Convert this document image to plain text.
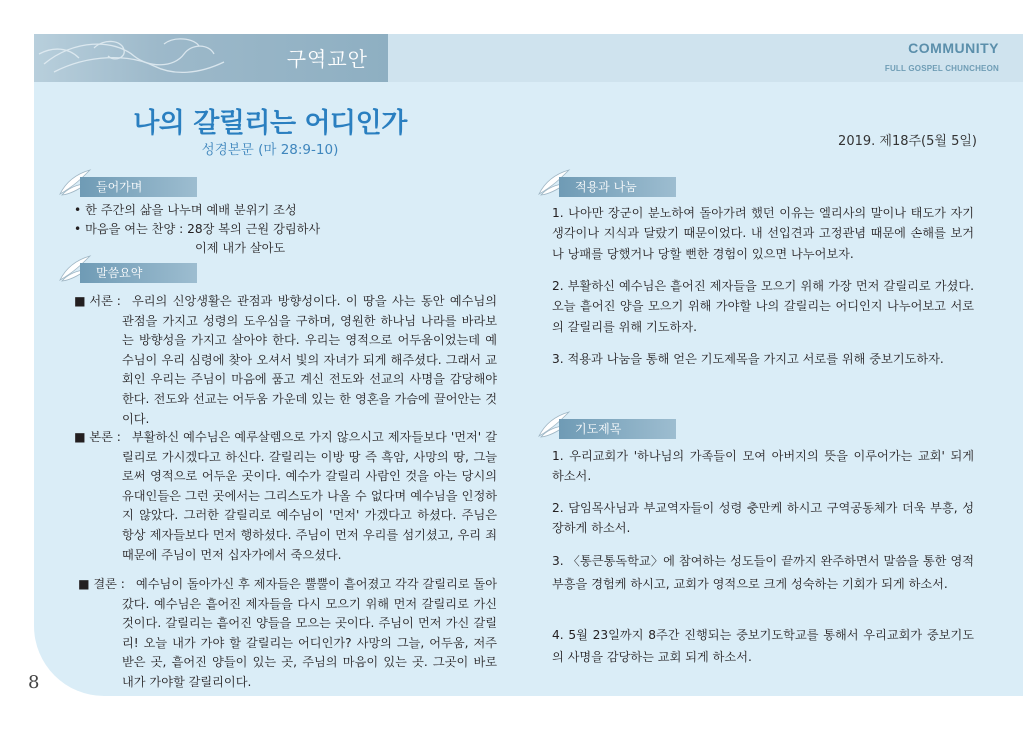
구역교안	COMMUNITY
FULL GOSPEL CHUNCHEON
나의 갈릴리는 어디인가
성경본문 (마 28:9-10)
2019. 제18주(5월 5일)
들어가며
• 한 주간의 삶을 나누며 예배 분위기 조성
• 마음을 여는 찬양 : 28장 복의 근원 강림하사
이제 내가 살아도
말씀요약
■ 서론 : 우리의 신앙생활은 관점과 방향성이다. 이 땅을 사는 동안 예수님의 관점을 가지고 성령의 도우심을 구하며, 영원한 하나님 나라를 바라보는 방향성을 가지고 살아야 한다. 우리는 영적으로 어두움이었는데 예수님이 우리 심령에 찾아 오셔서 빛의 자녀가 되게 해주셨다. 그래서 교회인 우리는 주님이 마음에 품고 계신 전도와 선교의 사명을 감당해야 한다. 전도와 선교는 어두움 가운데 있는 한 영혼을 가슴에 끌어안는 것이다.
■ 본론 : 부활하신 예수님은 예루살렘으로 가지 않으시고 제자들보다 '먼저' 갈릴리로 가시겠다고 하신다. 갈릴리는 이방 땅 즉 흑암, 사망의 땅, 그늘로써 영적으로 어두운 곳이다. 예수가 갈릴리 사람인 것을 아는 당시의 유대인들은 그런 곳에서는 그리스도가 나올 수 없다며 예수님을 인정하지 않았다. 그러한 갈릴리로 예수님이 '먼저' 가겠다고 하셨다. 주님은 항상 제자들보다 먼저 행하셨다. 주님이 먼저 우리를 섬기셨고, 우리 죄 때문에 주님이 먼저 십자가에서 죽으셨다.
■ 결론 : 예수님이 돌아가신 후 제자들은 뿔뿔이 흩어졌고 각각 갈릴리로 돌아갔다. 예수님은 흩어진 제자들을 다시 모으기 위해 먼저 갈릴리로 가신 것이다. 갈릴리는 흩어진 양들을 모으는 곳이다. 주님이 먼저 가신 갈릴리! 오늘 내가 가야 할 갈릴리는 어디인가? 사망의 그늘, 어두움, 저주 받은 곳, 흩어진 양들이 있는 곳, 주님의 마음이 있는 곳. 그곳이 바로 내가 가야할 갈릴리이다.
적용과 나눔
1. 나아만 장군이 분노하여 돌아가려 했던 이유는 엘리사의 말이나 태도가 자기 생각이나 지식과 달랐기 때문이었다. 내 선입견과 고정관념 때문에 손해를 보거나 낭패를 당했거나 당할 뻔한 경험이 있으면 나누어보자.
2. 부활하신 예수님은 흩어진 제자들을 모으기 위해 가장 먼저 갈릴리로 가셨다. 오늘 흩어진 양을 모으기 위해 가야할 나의 갈릴리는 어디인지 나누어보고 서로의 갈릴리를 위해 기도하자.
3. 적용과 나눔을 통해 얻은 기도제목을 가지고 서로를 위해 중보기도하자.
기도제목
1. 우리교회가 '하나님의 가족들이 모여 아버지의 뜻을 이루어가는 교회' 되게 하소서.
2. 담임목사님과 부교역자들이 성령 충만케 하시고 구역공동체가 더욱 부흥, 성장하게 하소서.
3. 〈통큰통독학교〉에 참여하는 성도들이 끝까지 완주하면서 말씀을 통한 영적부흥을 경험케 하시고, 교회가 영적으로 크게 성숙하는 기회가 되게 하소서.
4. 5월 23일까지 8주간 진행되는 중보기도학교를 통해서 우리교회가 중보기도의 사명을 감당하는 교회 되게 하소서.
8
